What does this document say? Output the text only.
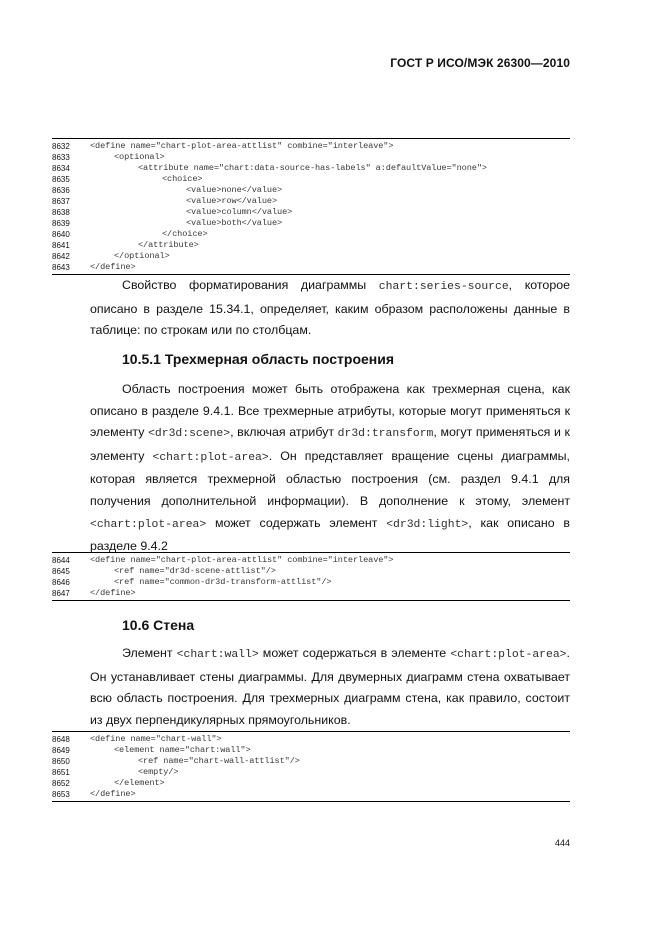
ГОСТ Р ИСО/МЭК 26300—2010
8632	<define name="chart-plot-area-attlist" combine="interleave">
8633	<optional>
8634	<attribute name="chart:data-source-has-labels" a:defaultValue="none">
8635	<choice>
8636	<value>none</value>
8637	<value>row</value>
8638	<value>column</value>
8639	<value>both</value>
8640	</choice>
8641	</attribute>
8642	</optional>
8643	</define>
Свойство форматирования диаграммы chart:series-source, которое описано в разделе 15.34.1, определяет, каким образом расположены данные в таблице: по строкам или по столбцам.
10.5.1 Трехмерная область построения
Область построения может быть отображена как трехмерная сцена, как описано в разделе 9.4.1. Все трехмерные атрибуты, которые могут применяться к элементу <dr3d:scene>, включая атрибут dr3d:transform, могут применяться и к элементу <chart:plot-area>. Он представляет вращение сцены диаграммы, которая является трехмерной областью построения (см. раздел 9.4.1 для получения дополнительной информации). В дополнение к этому, элемент <chart:plot-area> может содержать элемент <dr3d:light>, как описано в разделе 9.4.2
8644	<define name="chart-plot-area-attlist" combine="interleave">
8645	<ref name="dr3d-scene-attlist"/>
8646	<ref name="common-dr3d-transform-attlist"/>
8647	</define>
10.6 Стена
Элемент <chart:wall> может содержаться в элементе <chart:plot-area>. Он устанавливает стены диаграммы. Для двумерных диаграмм стена охватывает всю область построения. Для трехмерных диаграмм стена, как правило, состоит из двух перпендикулярных прямоугольников.
8648	<define name="chart-wall">
8649	<element name="chart:wall">
8650	<ref name="chart-wall-attlist"/>
8651	<empty/>
8652	</element>
8653	</define>
444
